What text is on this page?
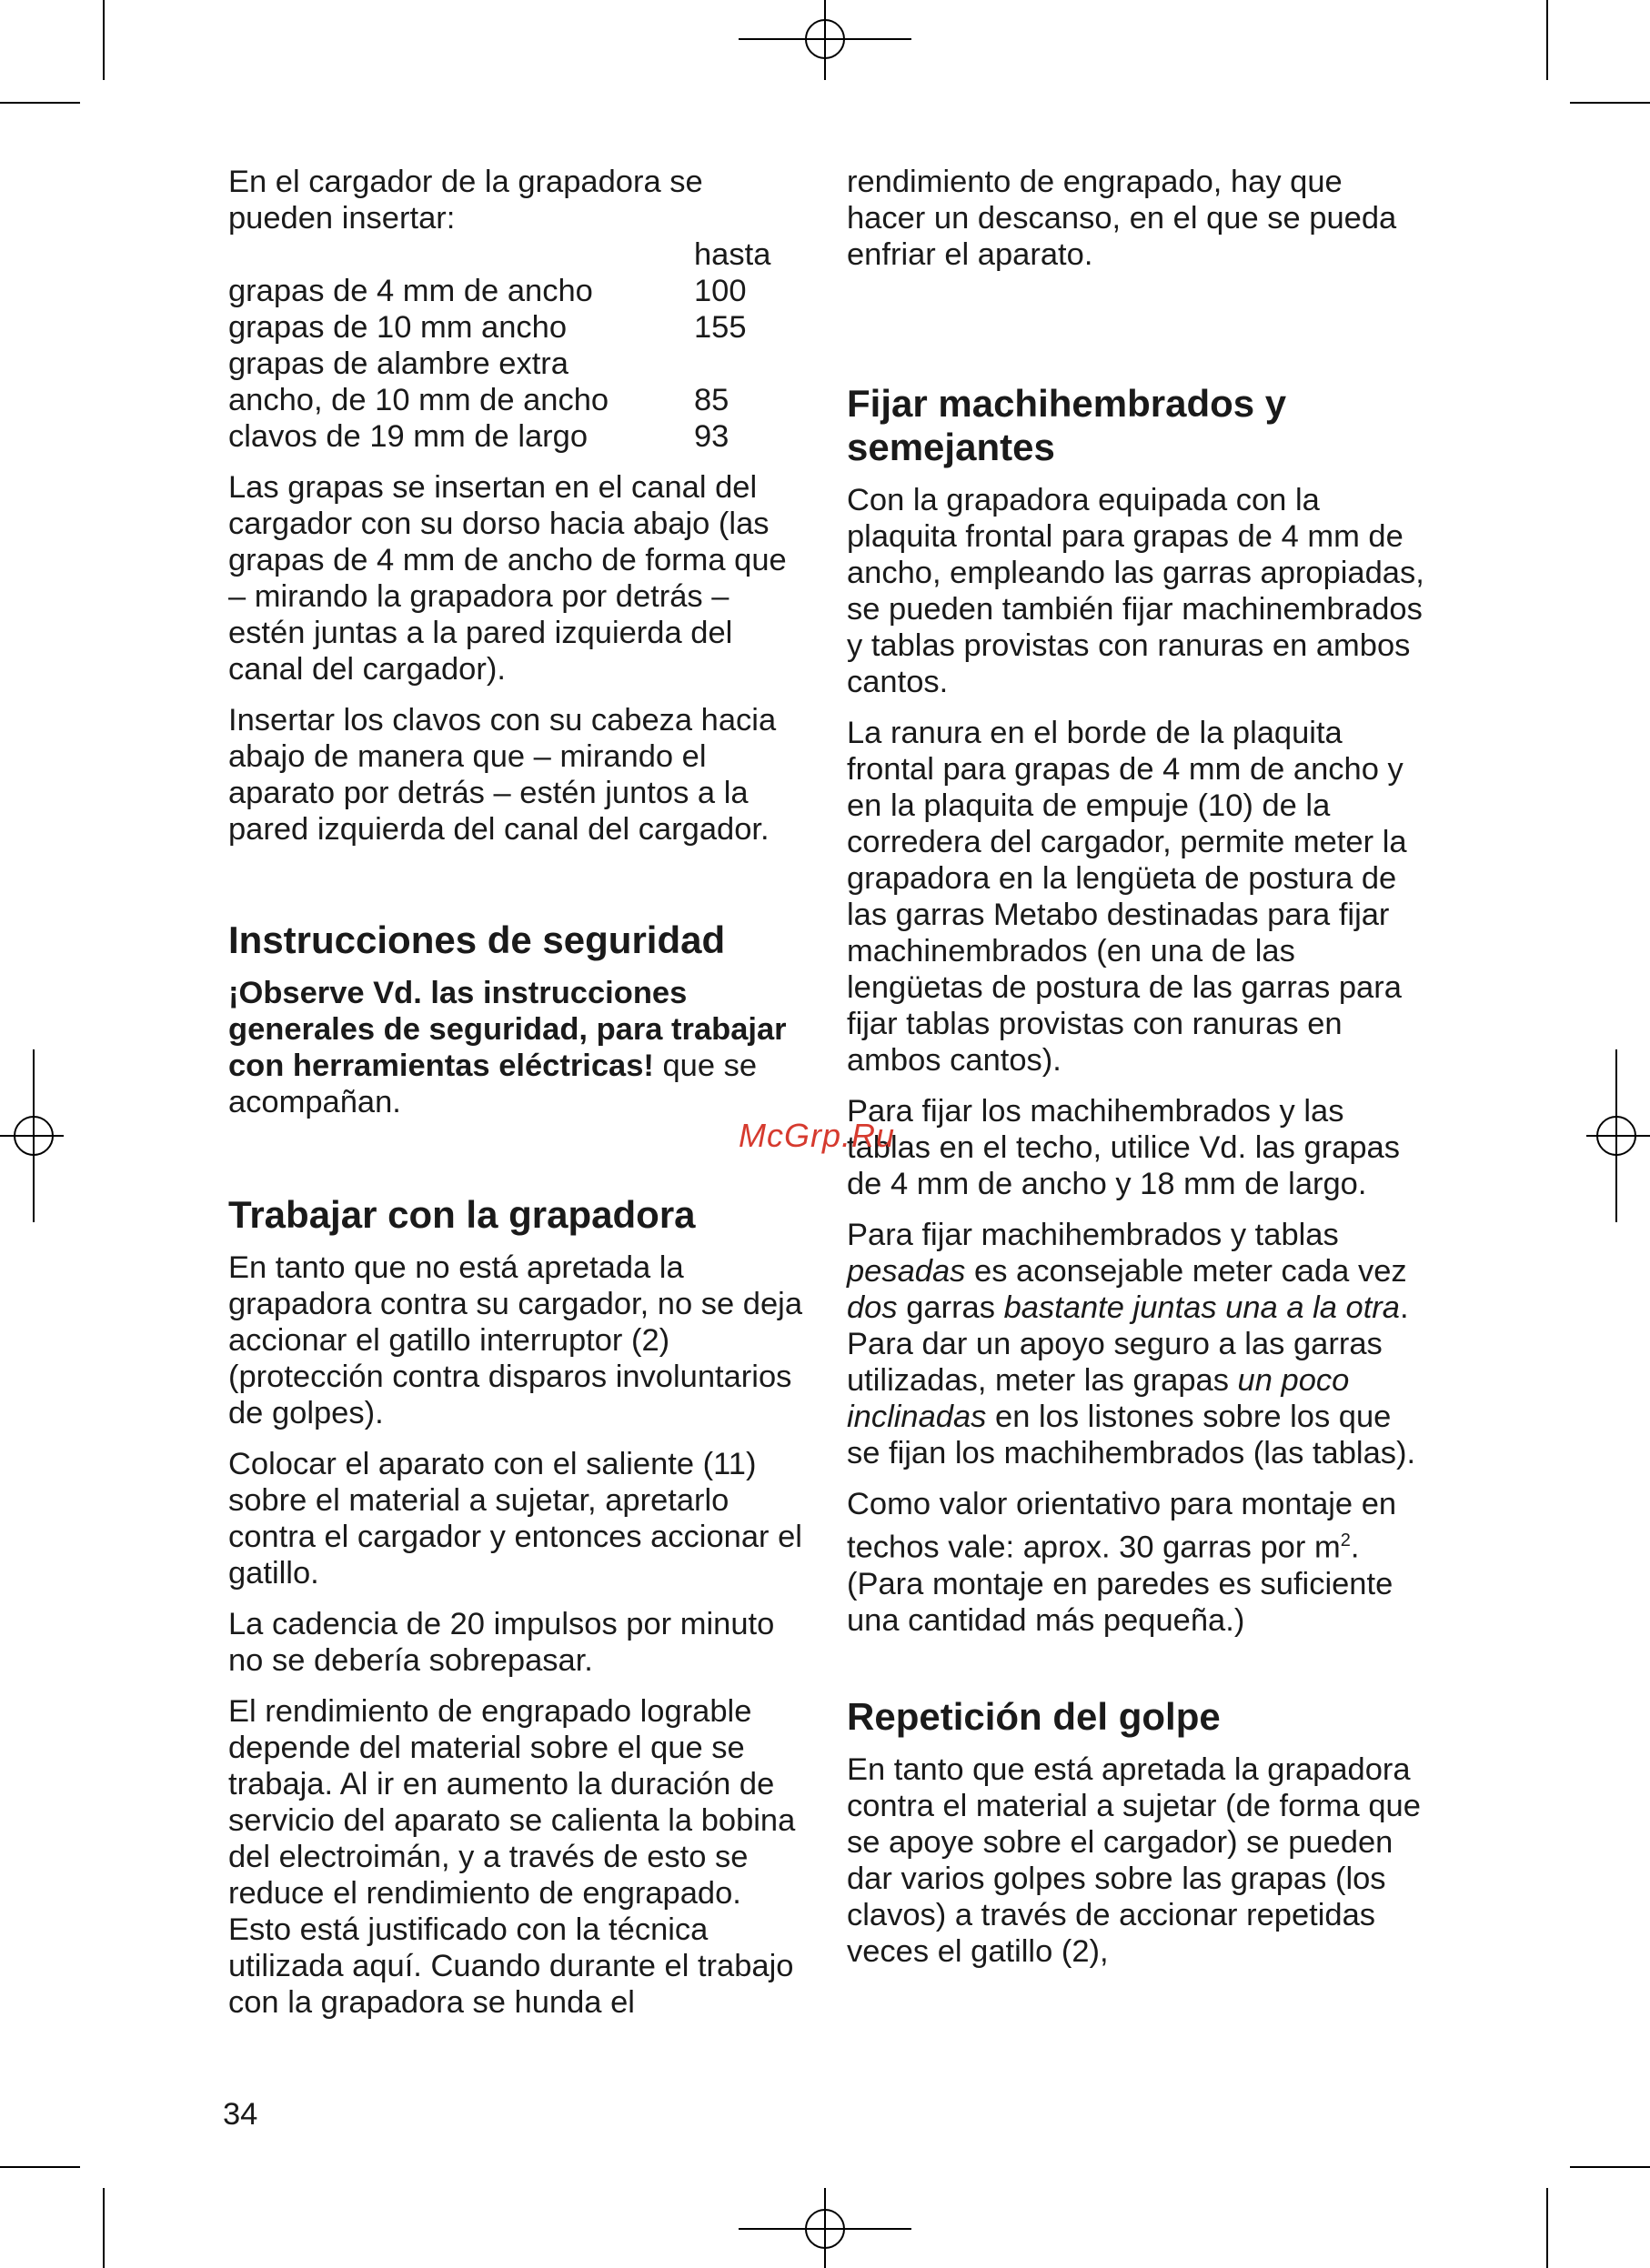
En el cargador de la grapadora se pueden insertar:

	hasta
grapas de 4 mm de ancho	100
grapas de 10 mm ancho	155
grapas de alambre extra	
ancho, de 10 mm de ancho	85
clavos de 19 mm de largo	93

Las grapas se insertan en el canal del cargador con su dorso hacia abajo (las grapas de 4 mm de ancho de forma que – mirando la grapadora por detrás – estén juntas a la pared izquierda del canal del cargador).

Insertar los clavos con su cabeza hacia abajo de manera que – mirando el aparato por detrás – estén juntos a la pared izquierda del canal del cargador.

Instrucciones de seguridad

¡Observe Vd. las instrucciones generales de seguridad, para trabajar con herramientas eléctricas! que se acompañan.

Trabajar con la grapadora

En tanto que no está apretada la grapadora contra su cargador, no se deja accionar el gatillo interruptor (2) (protección contra disparos involuntarios de golpes).

Colocar el aparato con el saliente (11) sobre el material a sujetar, apretarlo contra el cargador y entonces accionar el gatillo.

La cadencia de 20 impulsos por minuto no se debería sobrepasar.

El rendimiento de engrapado lograble depende del material sobre el que se trabaja. Al ir en aumento la duración de servicio del aparato se calienta la bobina del electroimán, y a través de esto se reduce el rendimiento de engrapado. Esto está justificado con la técnica utilizada aquí. Cuando durante el trabajo con la grapadora se hunda el

rendimiento de engrapado, hay que hacer un descanso, en el que se pueda enfriar el aparato.

Fijar machihembrados y semejantes

Con la grapadora equipada con la plaquita frontal para grapas de 4 mm de ancho, empleando las garras apropiadas, se pueden también fijar machinembrados y tablas provistas con ranuras en ambos cantos.

La ranura en el borde de la plaquita frontal para grapas de 4 mm de ancho y en la plaquita de empuje (10) de la corredera del cargador, permite meter la grapadora en la lengüeta de postura de las garras Metabo destinadas para fijar machinembrados (en una de las lengüetas de postura de las garras para fijar tablas provistas con ranuras en ambos cantos).

Para fijar los machihembrados y las tablas en el techo, utilice Vd. las grapas de 4 mm de ancho y 18 mm de largo.

Para fijar machihembrados y tablas pesadas es aconsejable meter cada vez dos garras bastante juntas una a la otra. Para dar un apoyo seguro a las garras utilizadas, meter las grapas un poco inclinadas en los listones sobre los que se fijan los machihembrados (las tablas).

Como valor orientativo para montaje en techos vale: aprox. 30 garras por $m^2$. (Para montaje en paredes es suficiente una cantidad más pequeña.)

Repetición del golpe

En tanto que está apretada la grapadora contra el material a sujetar (de forma que se apoye sobre el cargador) se pueden dar varios golpes sobre las grapas (los clavos) a través de accionar repetidas veces el gatillo (2),

34
McGrp.Ru
